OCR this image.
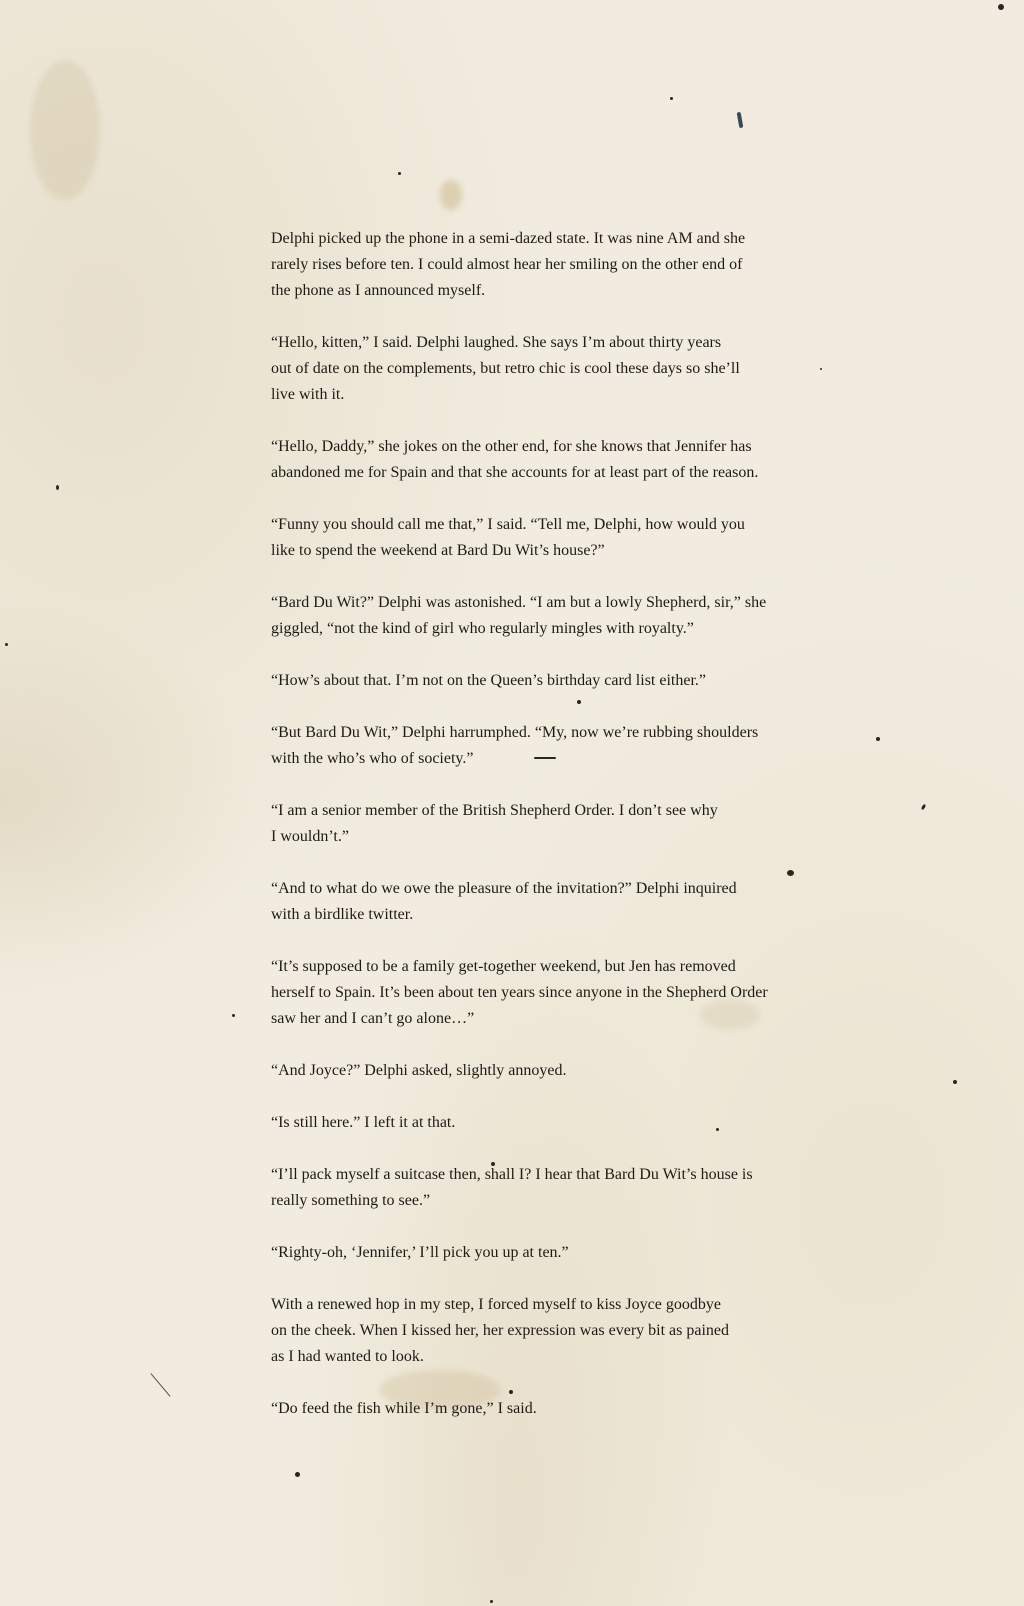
Delphi picked up the phone in a semi-dazed state. It was nine AM and she
rarely rises before ten. I could almost hear her smiling on the other end of
the phone as I announced myself.

“Hello, kitten,” I said. Delphi laughed. She says I’m about thirty years
out of date on the complements, but retro chic is cool these days so she’ll
live with it.

“Hello, Daddy,” she jokes on the other end, for she knows that Jennifer has
abandoned me for Spain and that she accounts for at least part of the reason.

“Funny you should call me that,” I said. “Tell me, Delphi, how would you
like to spend the weekend at Bard Du Wit’s house?”

“Bard Du Wit?” Delphi was astonished. “I am but a lowly Shepherd, sir,” she
giggled, “not the kind of girl who regularly mingles with royalty.”

“How’s about that. I’m not on the Queen’s birthday card list either.”

“But Bard Du Wit,” Delphi harrumphed. “My, now we’re rubbing shoulders
with the who’s who of society.”

“I am a senior member of the British Shepherd Order. I don’t see why
I wouldn’t.”

“And to what do we owe the pleasure of the invitation?” Delphi inquired
with a birdlike twitter.

“It’s supposed to be a family get-together weekend, but Jen has removed
herself to Spain. It’s been about ten years since anyone in the Shepherd Order
saw her and I can’t go alone…”

“And Joyce?” Delphi asked, slightly annoyed.

“Is still here.” I left it at that.

“I’ll pack myself a suitcase then, shall I? I hear that Bard Du Wit’s house is
really something to see.”

“Righty-oh, ‘Jennifer,’ I’ll pick you up at ten.”

With a renewed hop in my step, I forced myself to kiss Joyce goodbye
on the cheek. When I kissed her, her expression was every bit as pained
as I had wanted to look.

“Do feed the fish while I’m gone,” I said.
